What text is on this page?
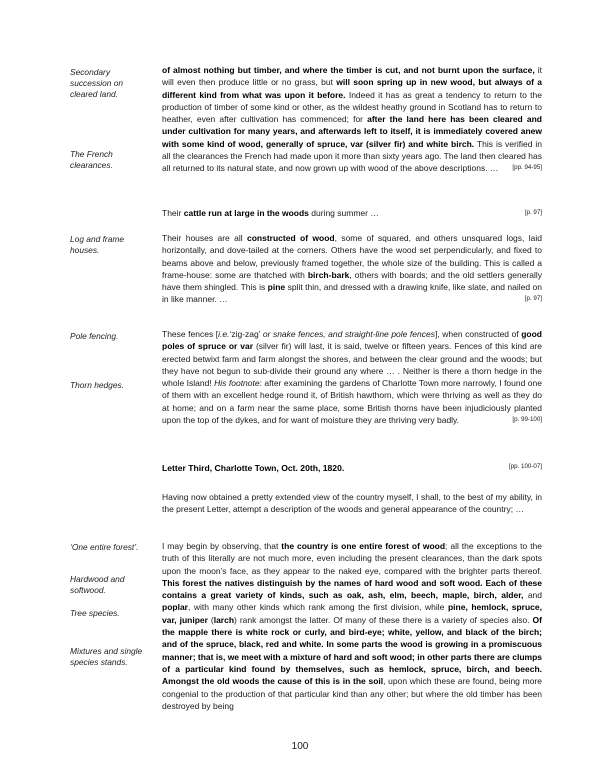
Secondary succession on cleared land.
The French clearances.
Log and frame houses.
Pole fencing.
Thorn hedges.
‘One entire forest’.
Hardwood and softwood.
Tree species.
Mixtures and single species stands.
of almost nothing but timber, and where the timber is cut, and not burnt upon the surface, it will even then produce little or no grass, but will soon spring up in new wood, but always of a different kind from what was upon it before. Indeed it has as great a tendency to return to the production of timber of some kind or other, as the wildest heathy ground in Scotland has to return to heather, even after cultivation has commenced; for after the land here has been cleared and under cultivation for many years, and afterwards left to itself, it is immediately covered anew with some kind of wood, generally of spruce, var (silver fir) and white birch. This is verified in all the clearances the French had made upon it more than sixty years ago. The land then cleared has all returned to its natural state, and now grown up with wood of the above descriptions. … [pp. 94-95]
Their cattle run at large in the woods during summer …	[p. 97]
Their houses are all constructed of wood, some of squared, and others unsquared logs, laid horizontally, and dove-tailed at the corners. Others have the wood set perpendicularly, and fixed to beams above and below, previously framed together, the whole size of the building. This is called a frame-house: some are thatched with birch-bark, others with boards; and the old settlers generally have them shingled. This is pine split thin, and dressed with a drawing knife, like slate, and nailed on in like manner. …	[p. 97]
These fences [i.e.‘zig-zag’ or snake fences, and straight-line pole fences], when constructed of good poles of spruce or var (silver fir) will last, it is said, twelve or fifteen years. Fences of this kind are erected betwixt farm and farm alongst the shores, and between the clear ground and the woods; but they have not begun to sub-divide their ground any where … . Neither is there a thorn hedge in the whole Island! His footnote: after examining the gardens of Charlotte Town more narrowly, I found one of them with an excellent hedge round it, of British hawthorn, which were thriving as well as they do at home; and on a farm near the same place, some British thorns have been injudiciously planted upon the top of the dykes, and for want of moisture they are thriving very badly.	[p. 99-100]
Letter Third, Charlotte Town, Oct. 20th, 1820.	[pp. 100-07]
Having now obtained a pretty extended view of the country myself, I shall, to the best of my ability, in the present Letter, attempt a description of the woods and general appearance of the country; …
I may begin by observing, that the country is one entire forest of wood; all the exceptions to the truth of this literally are not much more, even including the present clearances, than the dark spots upon the moon’s face, as they appear to the naked eye, compared with the brighter parts thereof. This forest the natives distinguish by the names of hard wood and soft wood. Each of these contains a great variety of kinds, such as oak, ash, elm, beech, maple, birch, alder, and poplar, with many other kinds which rank among the first division, while pine, hemlock, spruce, var, juniper (larch) rank amongst the latter. Of many of these there is a variety of species also. Of the mapple there is white rock or curly, and bird-eye; white, yellow, and black of the birch; and of the spruce, black, red and white. In some parts the wood is growing in a promiscuous manner; that is, we meet with a mixture of hard and soft wood; in other parts there are clumps of a particular kind found by themselves, such as hemlock, spruce, birch, and beech. Amongst the old woods the cause of this is in the soil, upon which these are found, being more congenial to the production of that particular kind than any other; but where the old timber has been destroyed by being
100
